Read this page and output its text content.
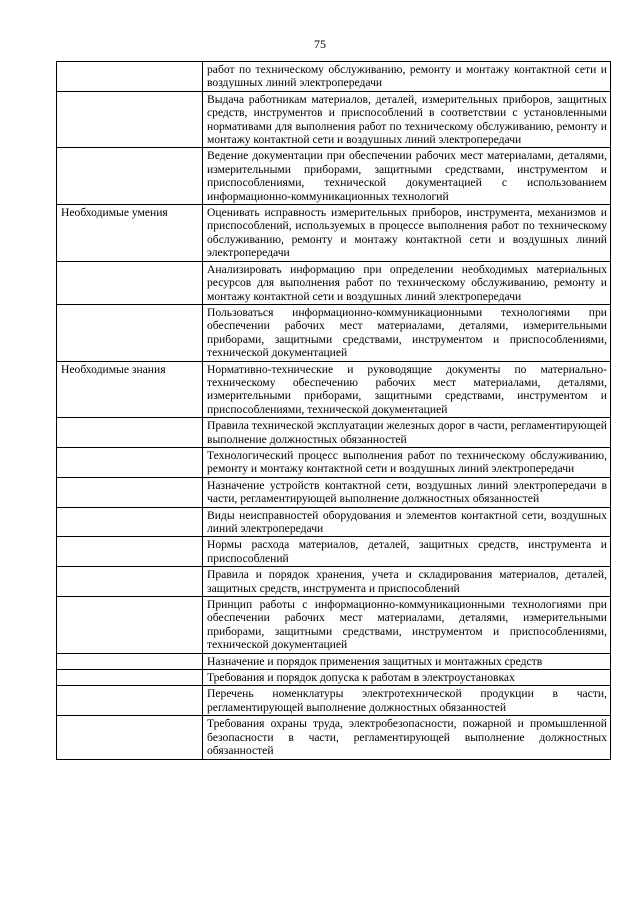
75
	работ по техническому обслуживанию, ремонту и монтажу контактной сети и воздушных линий электропередачи
	Выдача работникам материалов, деталей, измерительных приборов, защитных средств, инструментов и приспособлений в соответствии с установленными нормативами для выполнения работ по техническому обслуживанию, ремонту и монтажу контактной сети и воздушных линий электропередачи
	Ведение документации при обеспечении рабочих мест материалами, деталями, измерительными приборами, защитными средствами, инструментом и приспособлениями, технической документацией с использованием информационно-коммуникационных технологий
Необходимые умения	Оценивать исправность измерительных приборов, инструмента, механизмов и приспособлений, используемых в процессе выполнения работ по техническому обслуживанию, ремонту и монтажу контактной сети и воздушных линий электропередачи
	Анализировать информацию при определении необходимых материальных ресурсов для выполнения работ по техническому обслуживанию, ремонту и монтажу контактной сети и воздушных линий электропередачи
	Пользоваться информационно-коммуникационными технологиями при обеспечении рабочих мест материалами, деталями, измерительными приборами, защитными средствами, инструментом и приспособлениями, технической документацией
Необходимые знания	Нормативно-технические и руководящие документы по материально-техническому обеспечению рабочих мест материалами, деталями, измерительными приборами, защитными средствами, инструментом и приспособлениями, технической документацией
	Правила технической эксплуатации железных дорог в части, регламентирующей выполнение должностных обязанностей
	Технологический процесс выполнения работ по техническому обслуживанию, ремонту и монтажу контактной сети и воздушных линий электропередачи
	Назначение устройств контактной сети, воздушных линий электропередачи в части, регламентирующей выполнение должностных обязанностей
	Виды неисправностей оборудования и элементов контактной сети, воздушных линий электропередачи
	Нормы расхода материалов, деталей, защитных средств, инструмента и приспособлений
	Правила и порядок хранения, учета и складирования материалов, деталей, защитных средств, инструмента и приспособлений
	Принцип работы с информационно-коммуникационными технологиями при обеспечении рабочих мест материалами, деталями, измерительными приборами, защитными средствами, инструментом и приспособлениями, технической документацией
	Назначение и порядок применения защитных и монтажных средств
	Требования и порядок допуска к работам в электроустановках
	Перечень номенклатуры электротехнической продукции в части, регламентирующей выполнение должностных обязанностей
	Требования охраны труда, электробезопасности, пожарной и промышленной безопасности в части, регламентирующей выполнение должностных обязанностей
